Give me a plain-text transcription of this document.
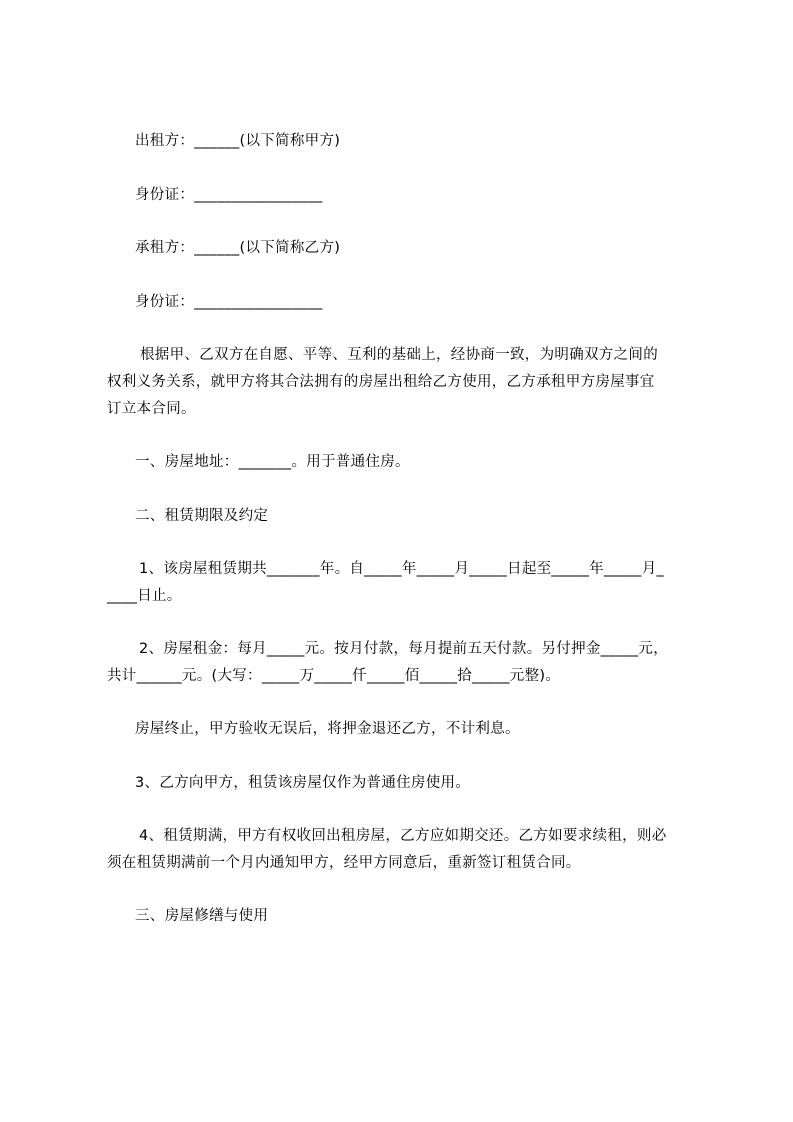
出租方：______(以下简称甲方)
身份证：_________________
承租方：______(以下简称乙方)
身份证：_________________
根据甲、乙双方在自愿、平等、互利的基础上，经协商一致，为明确双方之间的
权利义务关系，就甲方将其合法拥有的房屋出租给乙方使用，乙方承租甲方房屋事宜
订立本合同。
一、房屋地址：_______。用于普通住房。
二、租赁期限及约定
1、该房屋租赁期共_______年。自_____年_____月_____日起至_____年_____月_
____日止。
2、房屋租金：每月_____元。按月付款，每月提前五天付款。另付押金_____元，
共计______元。(大写：_____万_____仟_____佰_____拾_____元整)。
房屋终止，甲方验收无误后，将押金退还乙方，不计利息。
3、乙方向甲方，租赁该房屋仅作为普通住房使用。
4、租赁期满，甲方有权收回出租房屋，乙方应如期交还。乙方如要求续租，则必
须在租赁期满前一个月内通知甲方，经甲方同意后，重新签订租赁合同。
三、房屋修缮与使用
